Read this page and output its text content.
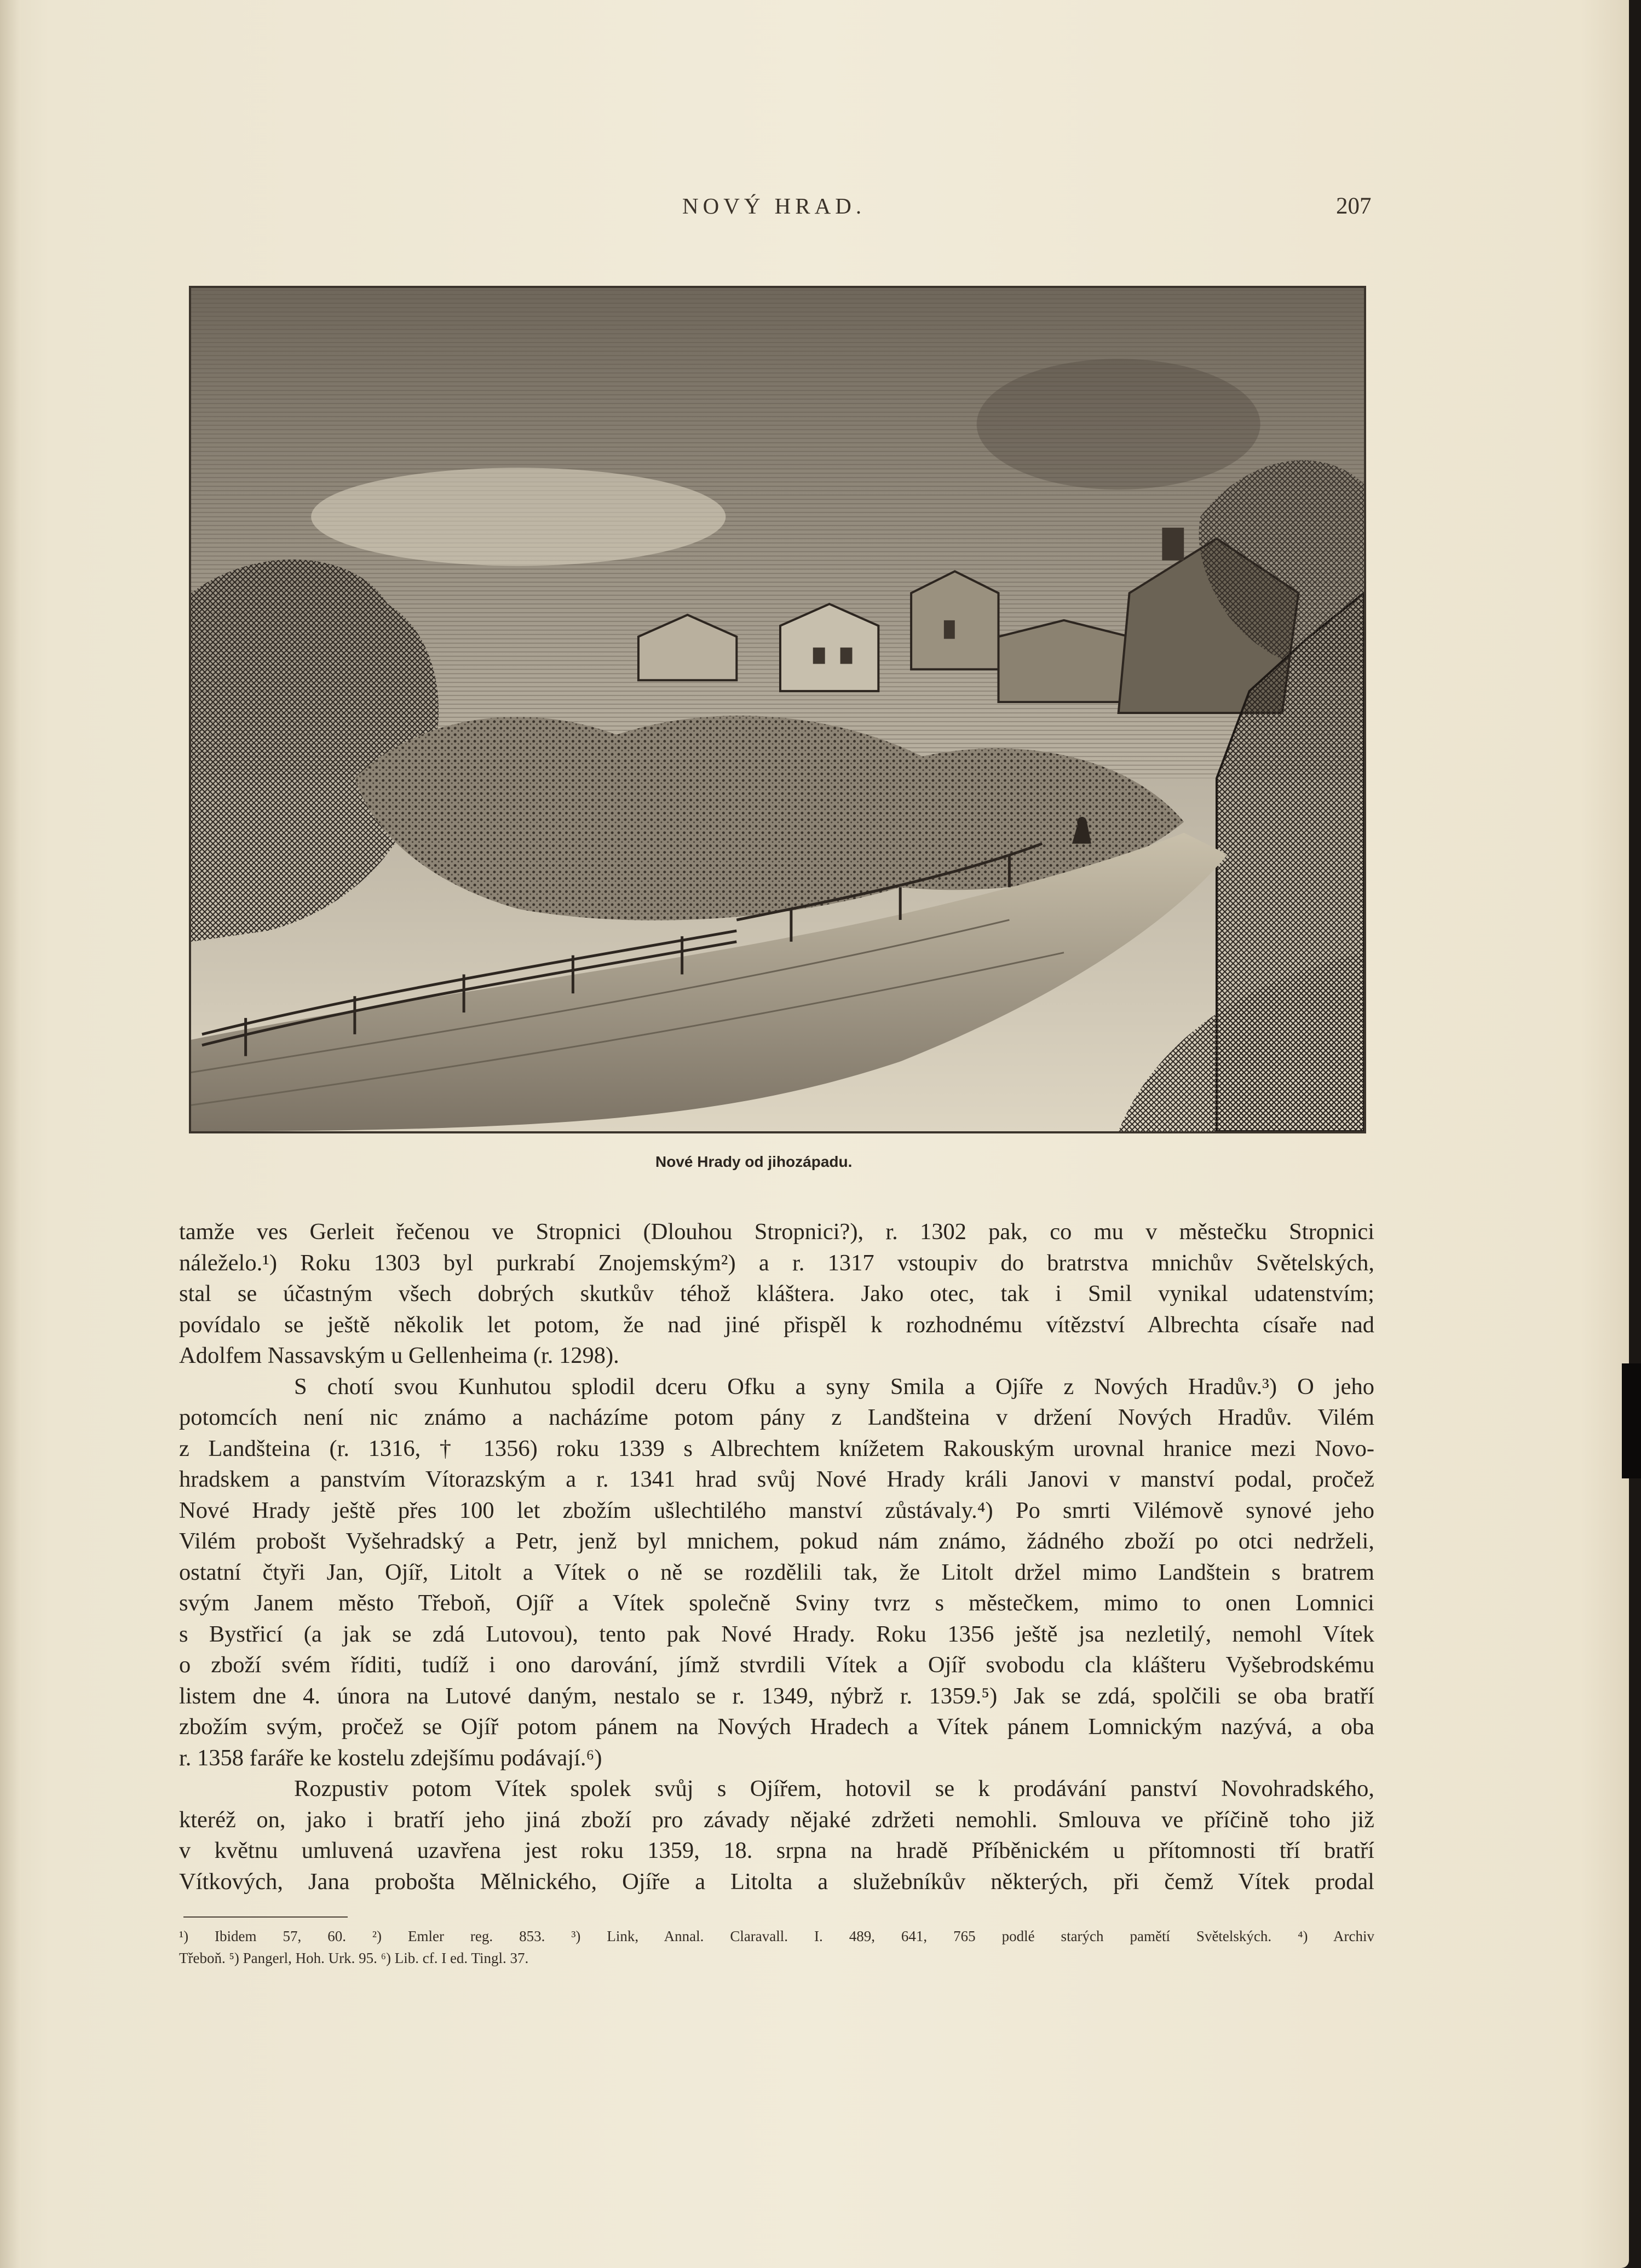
NOVÝ HRAD.	207
Nové Hrady od jihozápadu.

tamže ves Gerleit řečenou ve Stropnici (Dlouhou Stropnici?), r. 1302 pak, co mu v městečku Stropnici
náleželo.¹) Roku 1303 byl purkrabí Znojemským²) a r. 1317 vstoupiv do bratrstva mnichův Světelských,
stal se účastným všech dobrých skutkův téhož kláštera. Jako otec, tak i Smil vynikal udatenstvím;
povídalo se ještě několik let potom, že nad jiné přispěl k rozhodnému vítězství Albrechta císaře nad
Adolfem Nassavským u Gellenheima (r. 1298).

S chotí svou Kunhutou splodil dceru Ofku a syny Smila a Ojíře z Nových Hradův.³) O jeho
potomcích není nic známo a nacházíme potom pány z Landšteina v držení Nových Hradův. Vilém
z Landšteina (r. 1316, † 1356) roku 1339 s Albrechtem knížetem Rakouským urovnal hranice mezi Novo-
hradskem a panstvím Vítorazským a r. 1341 hrad svůj Nové Hrady králi Janovi v manství podal, pročež
Nové Hrady ještě přes 100 let zbožím ušlechtilého manství zůstávaly.⁴) Po smrti Vilémově synové jeho
Vilém probošt Vyšehradský a Petr, jenž byl mnichem, pokud nám známo, žádného zboží po otci nedrželi,
ostatní čtyři Jan, Ojíř, Litolt a Vítek o ně se rozdělili tak, že Litolt držel mimo Landštein s bratrem
svým Janem město Třeboň, Ojíř a Vítek společně Sviny tvrz s městečkem, mimo to onen Lomnici
s Bystřicí (a jak se zdá Lutovou), tento pak Nové Hrady. Roku 1356 ještě jsa nezletilý, nemohl Vítek
o zboží svém říditi, tudíž i ono darování, jímž stvrdili Vítek a Ojíř svobodu cla klášteru Vyšebrodskému
listem dne 4. února na Lutové daným, nestalo se r. 1349, nýbrž r. 1359.⁵) Jak se zdá, spolčili se oba bratří
zbožím svým, pročež se Ojíř potom pánem na Nových Hradech a Vítek pánem Lomnickým nazývá, a oba
r. 1358 faráře ke kostelu zdejšímu podávají.⁶)

Rozpustiv potom Vítek spolek svůj s Ojířem, hotovil se k prodávání panství Novohradského,
kteréž on, jako i bratří jeho jiná zboží pro závady nějaké zdržeti nemohli. Smlouva ve příčině toho již
v květnu umluvená uzavřena jest roku 1359, 18. srpna na hradě Příběnickém u přítomnosti tří bratří
Vítkových, Jana probošta Mělnického, Ojíře a Litolta a služebníkův některých, při čemž Vítek prodal

¹) Ibidem 57, 60. ²) Emler reg. 853. ³) Link, Annal. Claravall. I. 489, 641, 765 podlé starých pamětí Světelských. ⁴) Archiv
Třeboň. ⁵) Pangerl, Hoh. Urk. 95. ⁶) Lib. cf. I ed. Tingl. 37.
